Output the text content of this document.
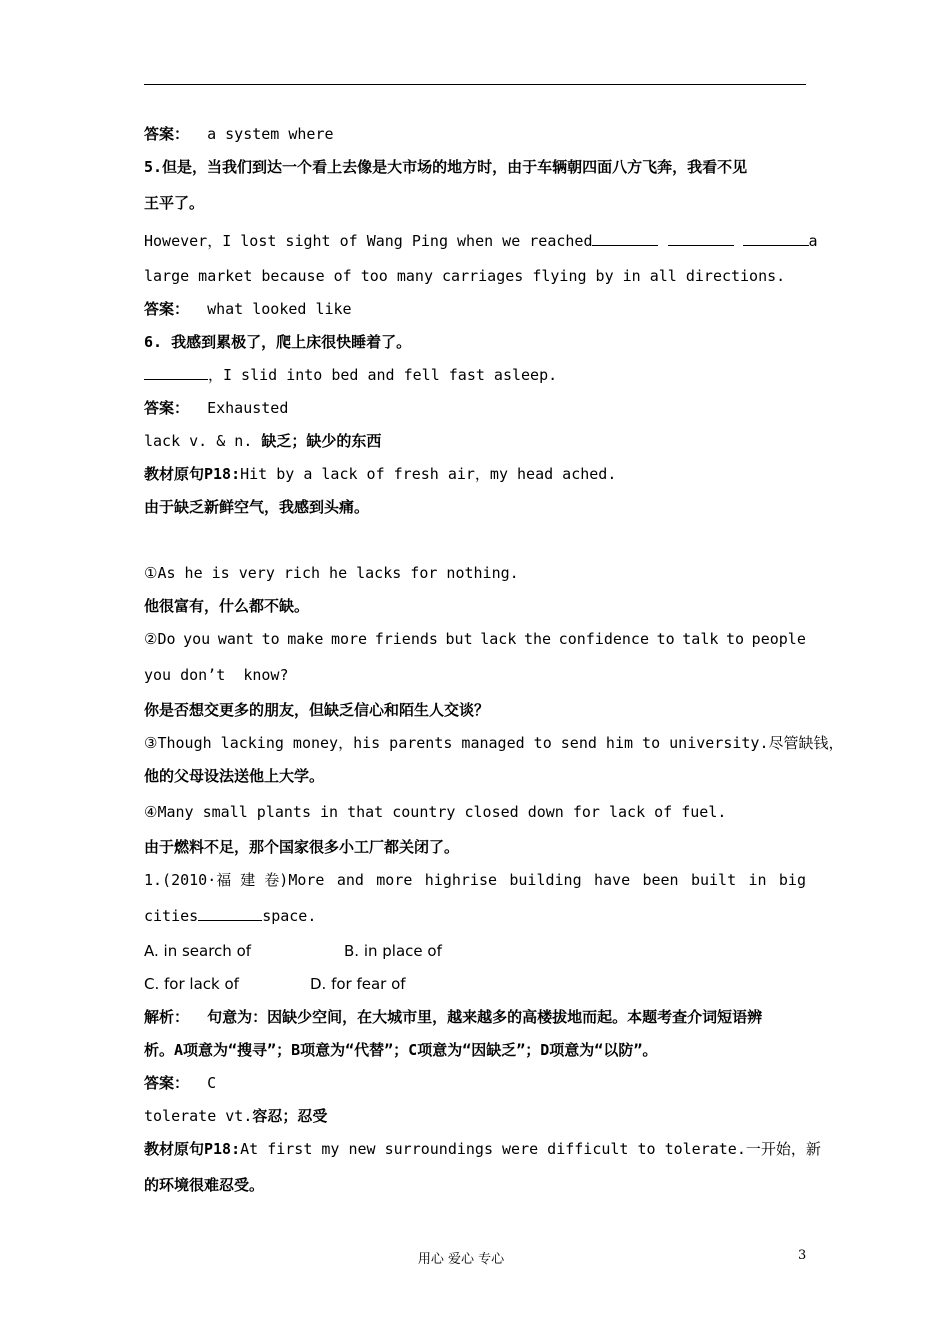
答案： a system where
5.但是，当我们到达一个看上去像是大市场的地方时，由于车辆朝四面八方飞奔，我看不见
王平了。
However，I lost sight of Wang Ping when we reached	a
large market because of too many carriages flying by in all directions.
答案： what looked like
6. 我感到累极了，爬上床很快睡着了。
，I slid into bed and fell fast asleep.
答案： Exhausted
lack v. & n. 缺乏；缺少的东西
教材原句P18:Hit by a lack of fresh air，my head ached.
由于缺乏新鲜空气，我感到头痛。
①As he is very rich he lacks for nothing.
他很富有，什么都不缺。
②Do you want to make more friends but lack the confidence to talk to people
you don’t  know?
你是否想交更多的朋友，但缺乏信心和陌生人交谈？
③Though lacking money，his parents managed to send him to university.尽管缺钱，
他的父母设法送他上大学。
④Many small plants in that country closed down for lack of fuel.
由于燃料不足，那个国家很多小工厂都关闭了。
1.(2010·福 建 卷)More and more highrise building have been built in big
cities	space.
A. in search of	B. in place of
C. for lack of	D. for fear of
解析： 句意为：因缺少空间，在大城市里，越来越多的高楼拔地而起。本题考查介词短语辨
析。A项意为“搜寻”；B项意为“代替”；C项意为“因缺乏”；D项意为“以防”。
答案： C
tolerate vt.容忍；忍受
教材原句P18:At first my new surroundings were difficult to tolerate.一开始，新
的环境很难忍受。
用心 爱心 专心	3
